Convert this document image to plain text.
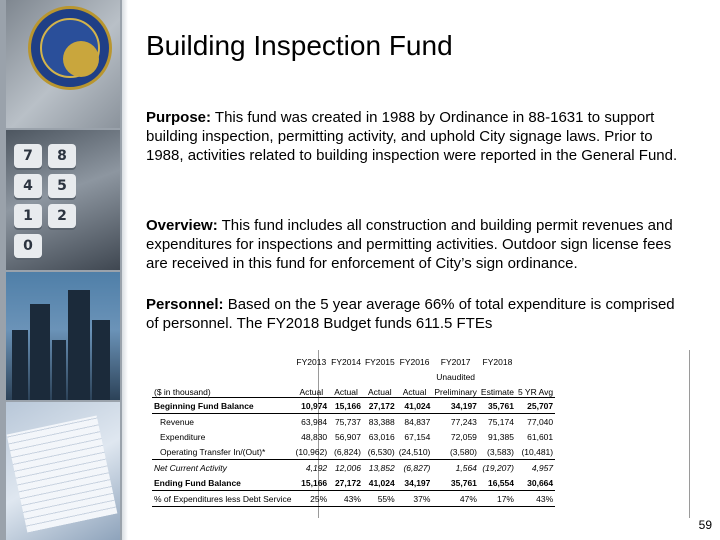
7	8
4	5
1	2
0
Building Inspection Fund
Purpose: This fund was created in 1988 by Ordinance in 88-1631 to support building inspection, permitting activity, and uphold City signage laws. Prior to 1988, activities related to building inspection were reported in the General Fund.
Overview: This fund includes all construction and building permit revenues and expenditures for inspections and permitting activities. Outdoor sign license fees are received in this fund for enforcement of City’s sign ordinance.
Personnel: Based on the 5 year average 66% of total expenditure is comprised of personnel. The FY2018 Budget funds 611.5 FTEs
	FY2013	FY2014	FY2015	FY2016	FY2017	FY2018	
					Unaudited		
($ in thousand)	Actual	Actual	Actual	Actual	Preliminary	Estimate	5 YR Avg
Beginning Fund Balance	10,974	15,166	27,172	41,024	34,197	35,761	25,707
Revenue	63,984	75,737	83,388	84,837	77,243	75,174	77,040
Expenditure	48,830	56,907	63,016	67,154	72,059	91,385	61,601
Operating Transfer In/(Out)*	(10,962)	(6,824)	(6,530)	(24,510)	(3,580)	(3,583)	(10,481)
Net Current Activity	4,192	12,006	13,852	(6,827)	1,564	(19,207)	4,957
Ending Fund Balance	15,166	27,172	41,024	34,197	35,761	16,554	30,664
% of Expenditures less Debt Service	25%	43%	55%	37%	47%	17%	43%
59
